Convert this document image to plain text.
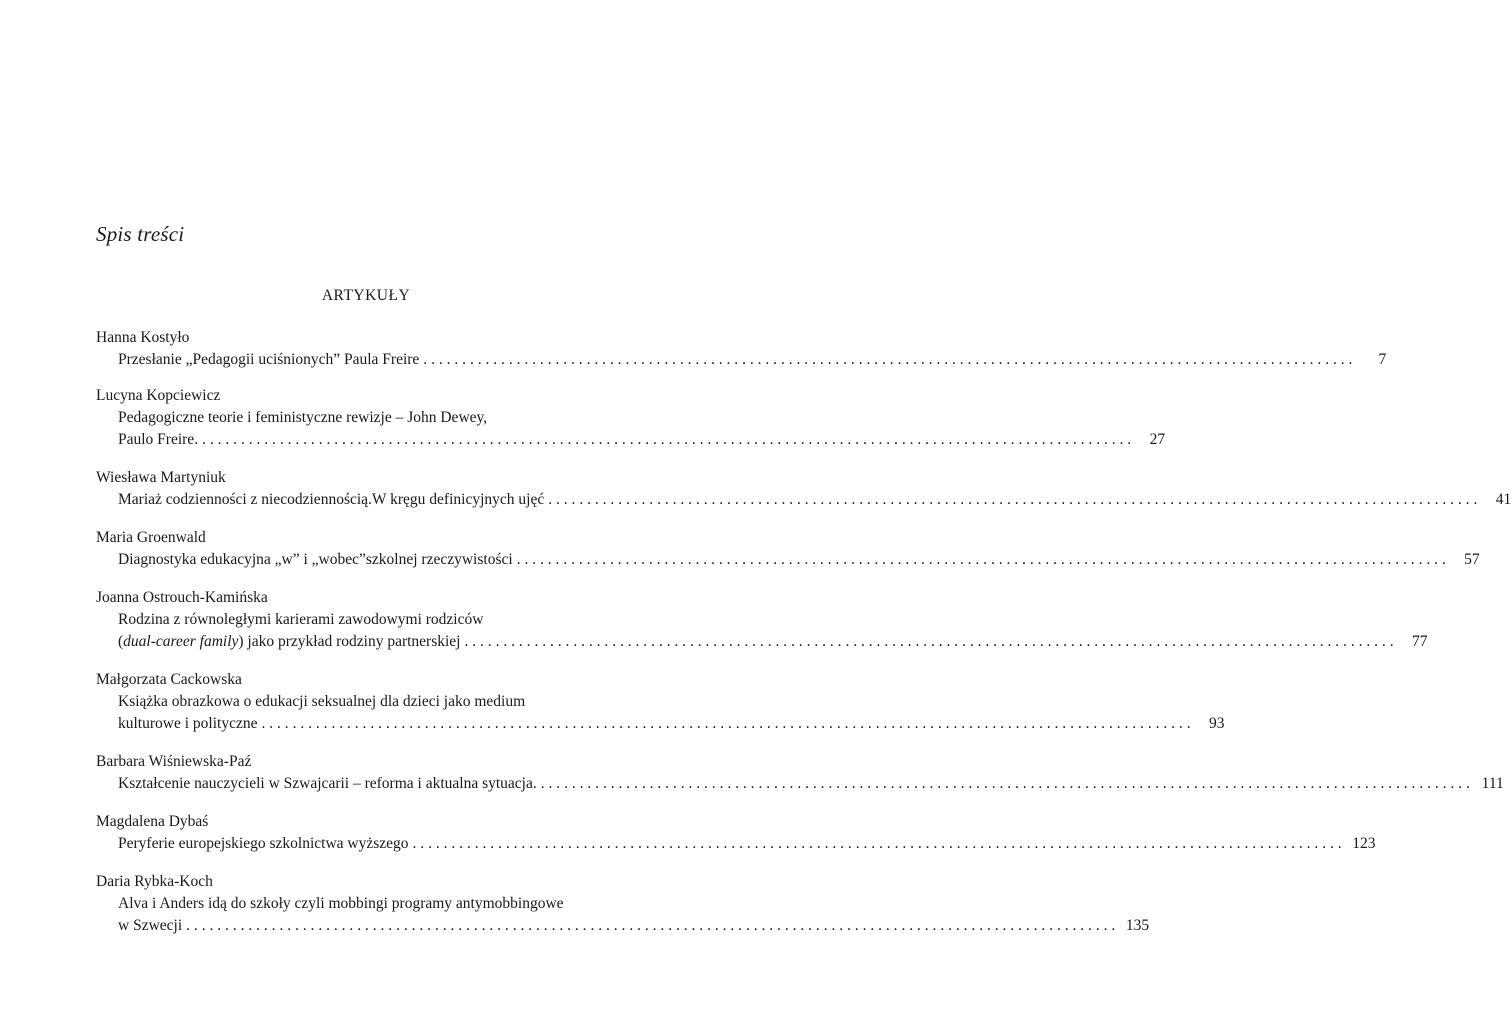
Spis treści
ARTYKUŁY
Hanna Kostyło
Przesłanie „Pedagogii uciśnionych” Paula Freire ........................................................................................................................	7
Lucyna Kopciewicz
Pedagogiczne teorie i feministyczne rewizje – John Dewey,
Paulo Freire. ........................................................................................................................ 27
Wiesława Martyniuk
Mariaż codzienności z niecodziennością.W kręgu definicyjnych ujęć ........................................................................................................................ 41
Maria Groenwald
Diagnostyka edukacyjna „w” i „wobec”szkolnej rzeczywistości ........................................................................................................................ 57
Joanna Ostrouch-Kamińska
Rodzina z równoległymi karierami zawodowymi rodziców
(dual-career family) jako przykład rodziny partnerskiej ........................................................................................................................ 77
Małgorzata Cackowska
Książka obrazkowa o edukacji seksualnej dla dzieci jako medium
kulturowe i polityczne ........................................................................................................................ 93
Barbara Wiśniewska-Paź
Kształcenie nauczycieli w Szwajcarii – reforma i aktualna sytuacja. ........................................................................................................................ 111
Magdalena Dybaś
Peryferie europejskiego szkolnictwa wyższego ........................................................................................................................ 123
Daria Rybka-Koch
Alva i Anders idą do szkoły czyli mobbingi programy antymobbingowe
w Szwecji ........................................................................................................................ 135
